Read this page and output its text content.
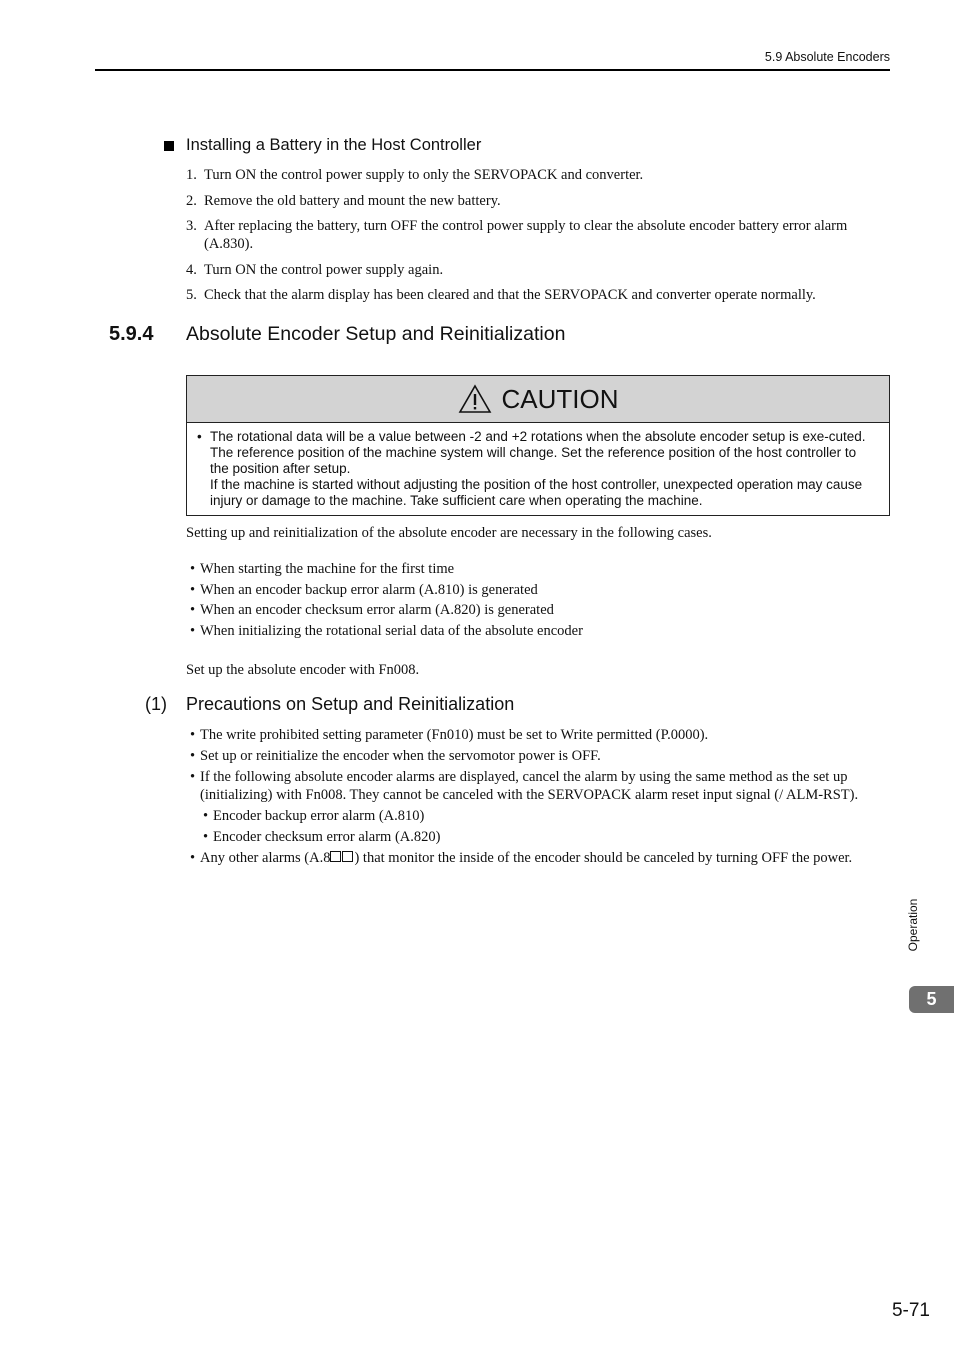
5.9 Absolute Encoders
Installing a Battery in the Host Controller
1. Turn ON the control power supply to only the SERVOPACK and converter.
2. Remove the old battery and mount the new battery.
3. After replacing the battery, turn OFF the control power supply to clear the absolute encoder battery error alarm (A.830).
4. Turn ON the control power supply again.
5. Check that the alarm display has been cleared and that the SERVOPACK and converter operate normally.
5.9.4	Absolute Encoder Setup and Reinitialization
CAUTION
• The rotational data will be a value between -2 and +2 rotations when the absolute encoder setup is exe-cuted. The reference position of the machine system will change. Set the reference position of the host controller to the position after setup.
If the machine is started without adjusting the position of the host controller, unexpected operation may cause injury or damage to the machine. Take sufficient care when operating the machine.
Setting up and reinitialization of the absolute encoder are necessary in the following cases.
• When starting the machine for the first time
• When an encoder backup error alarm (A.810) is generated
• When an encoder checksum error alarm (A.820) is generated
• When initializing the rotational serial data of the absolute encoder
Set up the absolute encoder with Fn008.
(1)	Precautions on Setup and Reinitialization
• The write prohibited setting parameter (Fn010) must be set to Write permitted (P.0000).
• Set up or reinitialize the encoder when the servomotor power is OFF.
• If the following absolute encoder alarms are displayed, cancel the alarm by using the same method as the set up (initializing) with Fn008. They cannot be canceled with the SERVOPACK alarm reset input signal (/ ALM-RST).
• Encoder backup error alarm (A.810)
• Encoder checksum error alarm (A.820)
• Any other alarms (A.8 ) that monitor the inside of the encoder should be canceled by turning OFF the power.
Operation
5
5-71
